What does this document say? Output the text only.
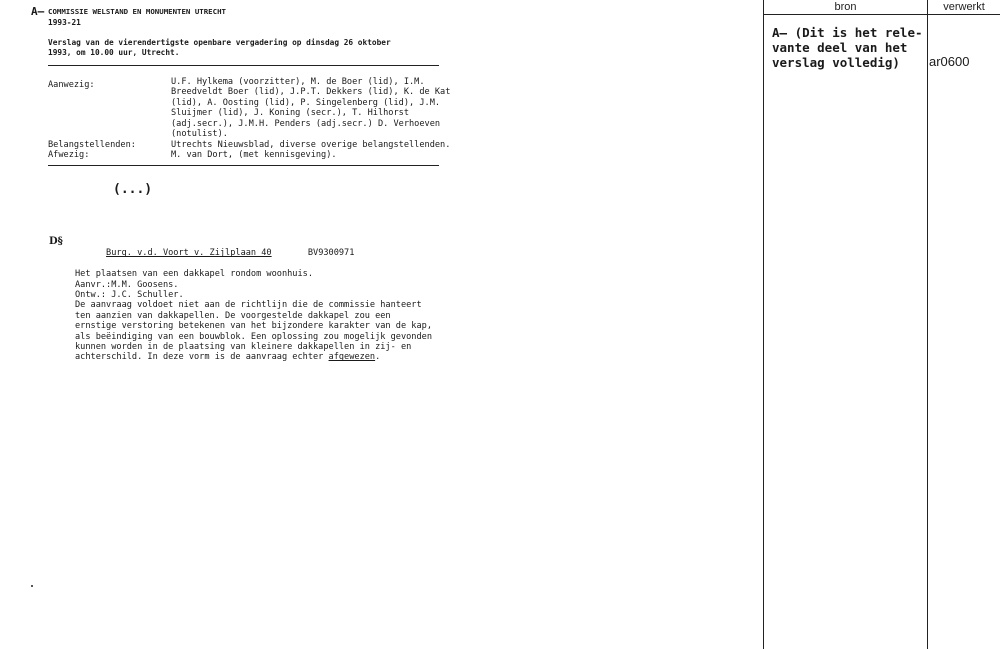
A— COMMISSIE WELSTAND EN MONUMENTEN UTRECHT
1993-21
Verslag van de vierendertigste openbare vergadering op dinsdag 26 oktober
1993, om 10.00 uur, Utrecht.
Aanwezig:	U.F. Hylkema (voorzitter), M. de Boer (lid), I.M.
Breedveldt Boer (lid), J.P.T. Dekkers (lid), K. de Kat
(lid), A. Oosting (lid), P. Singelenberg (lid), J.M.
Sluijmer (lid), J. Koning (secr.), T. Hilhorst
(adj.secr.), J.M.H. Penders (adj.secr.) D. Verhoeven
(notulist).
Belangstellenden:	Utrechts Nieuwsblad, diverse overige belangstellenden.
Afwezig:	M. van Dort, (met kennisgeving).
(...)
D§

Burg. v.d. Voort v. Zijlplaan 40	BV9300971

Het plaatsen van een dakkapel rondom woonhuis.
Aanvr.:M.M. Goosens.
Ontw.: J.C. Schuller.
De aanvraag voldoet niet aan de richtlijn die de commissie hanteert
ten aanzien van dakkapellen. De voorgestelde dakkapel zou een
ernstige verstoring betekenen van het bijzondere karakter van de kap,
als beëindiging van een bouwblok. Een oplossing zou mogelijk gevonden
kunnen worden in de plaatsing van kleinere dakkapellen in zij- en
achterschild. In deze vorm is de aanvraag echter afgewezen.
bron	verwerkt
A— (Dit is het rele-
vante deel van het
verslag volledig)	ar0600
